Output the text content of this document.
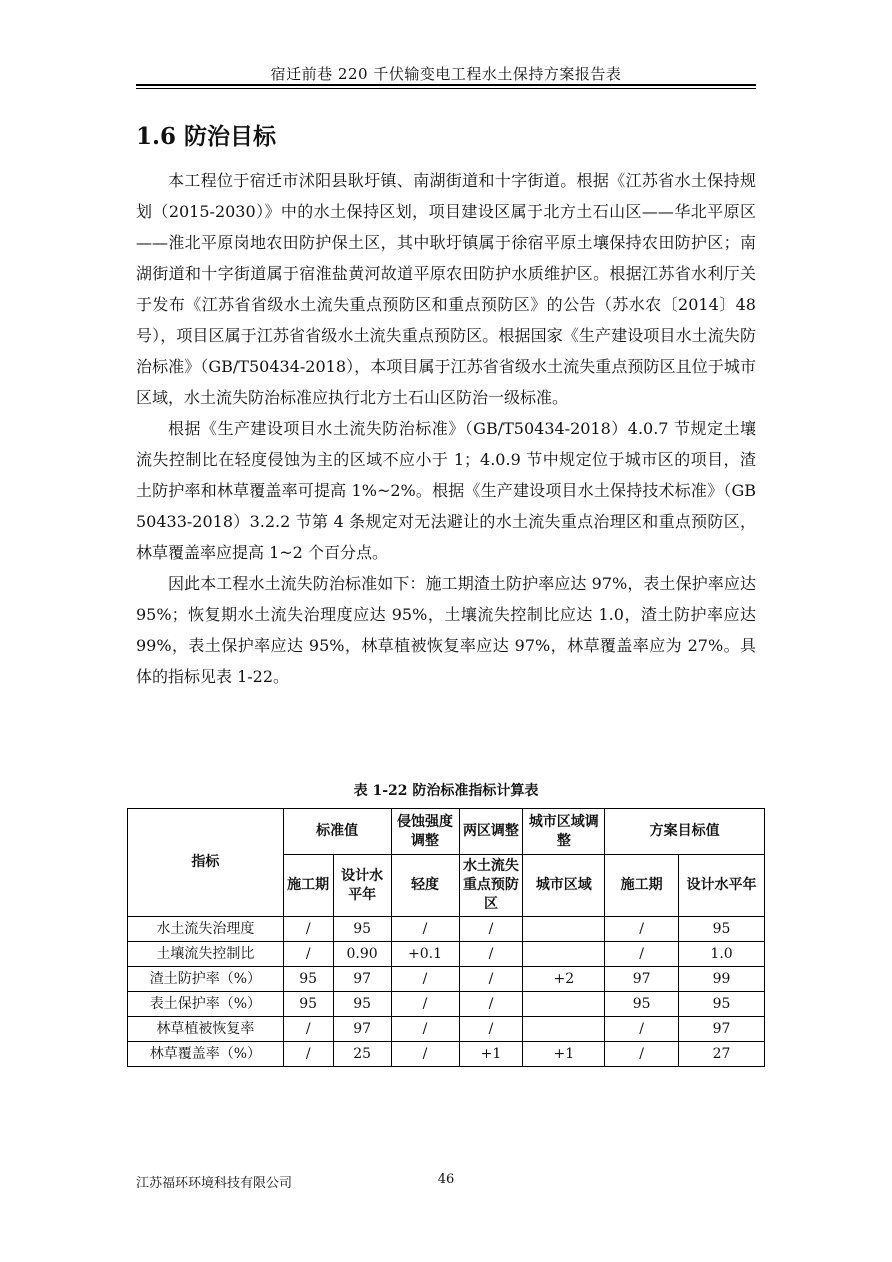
宿迁前巷 220 千伏输变电工程水土保持方案报告表
1.6 防治目标

本工程位于宿迁市沭阳县耿圩镇、南湖街道和十字街道。根据《江苏省水土保持规划（2015-2030）》中的水土保持区划，项目建设区属于北方土石山区——华北平原区——淮北平原岗地农田防护保土区，其中耿圩镇属于徐宿平原土壤保持农田防护区；南湖街道和十字街道属于宿淮盐黄河故道平原农田防护水质维护区。根据江苏省水利厅关于发布《江苏省省级水土流失重点预防区和重点预防区》的公告（苏水农〔2014〕48 号），项目区属于江苏省省级水土流失重点预防区。根据国家《生产建设项目水土流失防治标准》（GB/T50434-2018），本项目属于江苏省省级水土流失重点预防区且位于城市区域，水土流失防治标准应执行北方土石山区防治一级标准。

根据《生产建设项目水土流失防治标准》（GB/T50434-2018）4.0.7 节规定土壤流失控制比在轻度侵蚀为主的区域不应小于 1；4.0.9 节中规定位于城市区的项目，渣土防护率和林草覆盖率可提高 1%~2%。根据《生产建设项目水土保持技术标准》（GB 50433-2018）3.2.2 节第 4 条规定对无法避让的水土流失重点治理区和重点预防区，林草覆盖率应提高 1~2 个百分点。

因此本工程水土流失防治标准如下：施工期渣土防护率应达 97%，表土保护率应达 95%；恢复期水土流失治理度应达 95%，土壤流失控制比应达 1.0，渣土防护率应达 99%，表土保护率应达 95%，林草植被恢复率应达 97%，林草覆盖率应为 27%。具体的指标见表 1-22。

表 1-22 防治标准指标计算表
指标	标准值		侵蚀强度调整	两区调整	城市区域调整	方案目标值	
	施工期	设计水平年	轻度	水土流失重点预防区	城市区域	施工期	设计水平年
水土流失治理度	/	95	/	/		/	95
土壤流失控制比	/	0.90	+0.1	/		/	1.0
渣土防护率（%）	95	97	/	/	+2	97	99
表土保护率（%）	95	95	/	/		95	95
林草植被恢复率	/	97	/	/		/	97
林草覆盖率（%）	/	25	/	+1	+1	/	27
江苏福环环境科技有限公司	46
